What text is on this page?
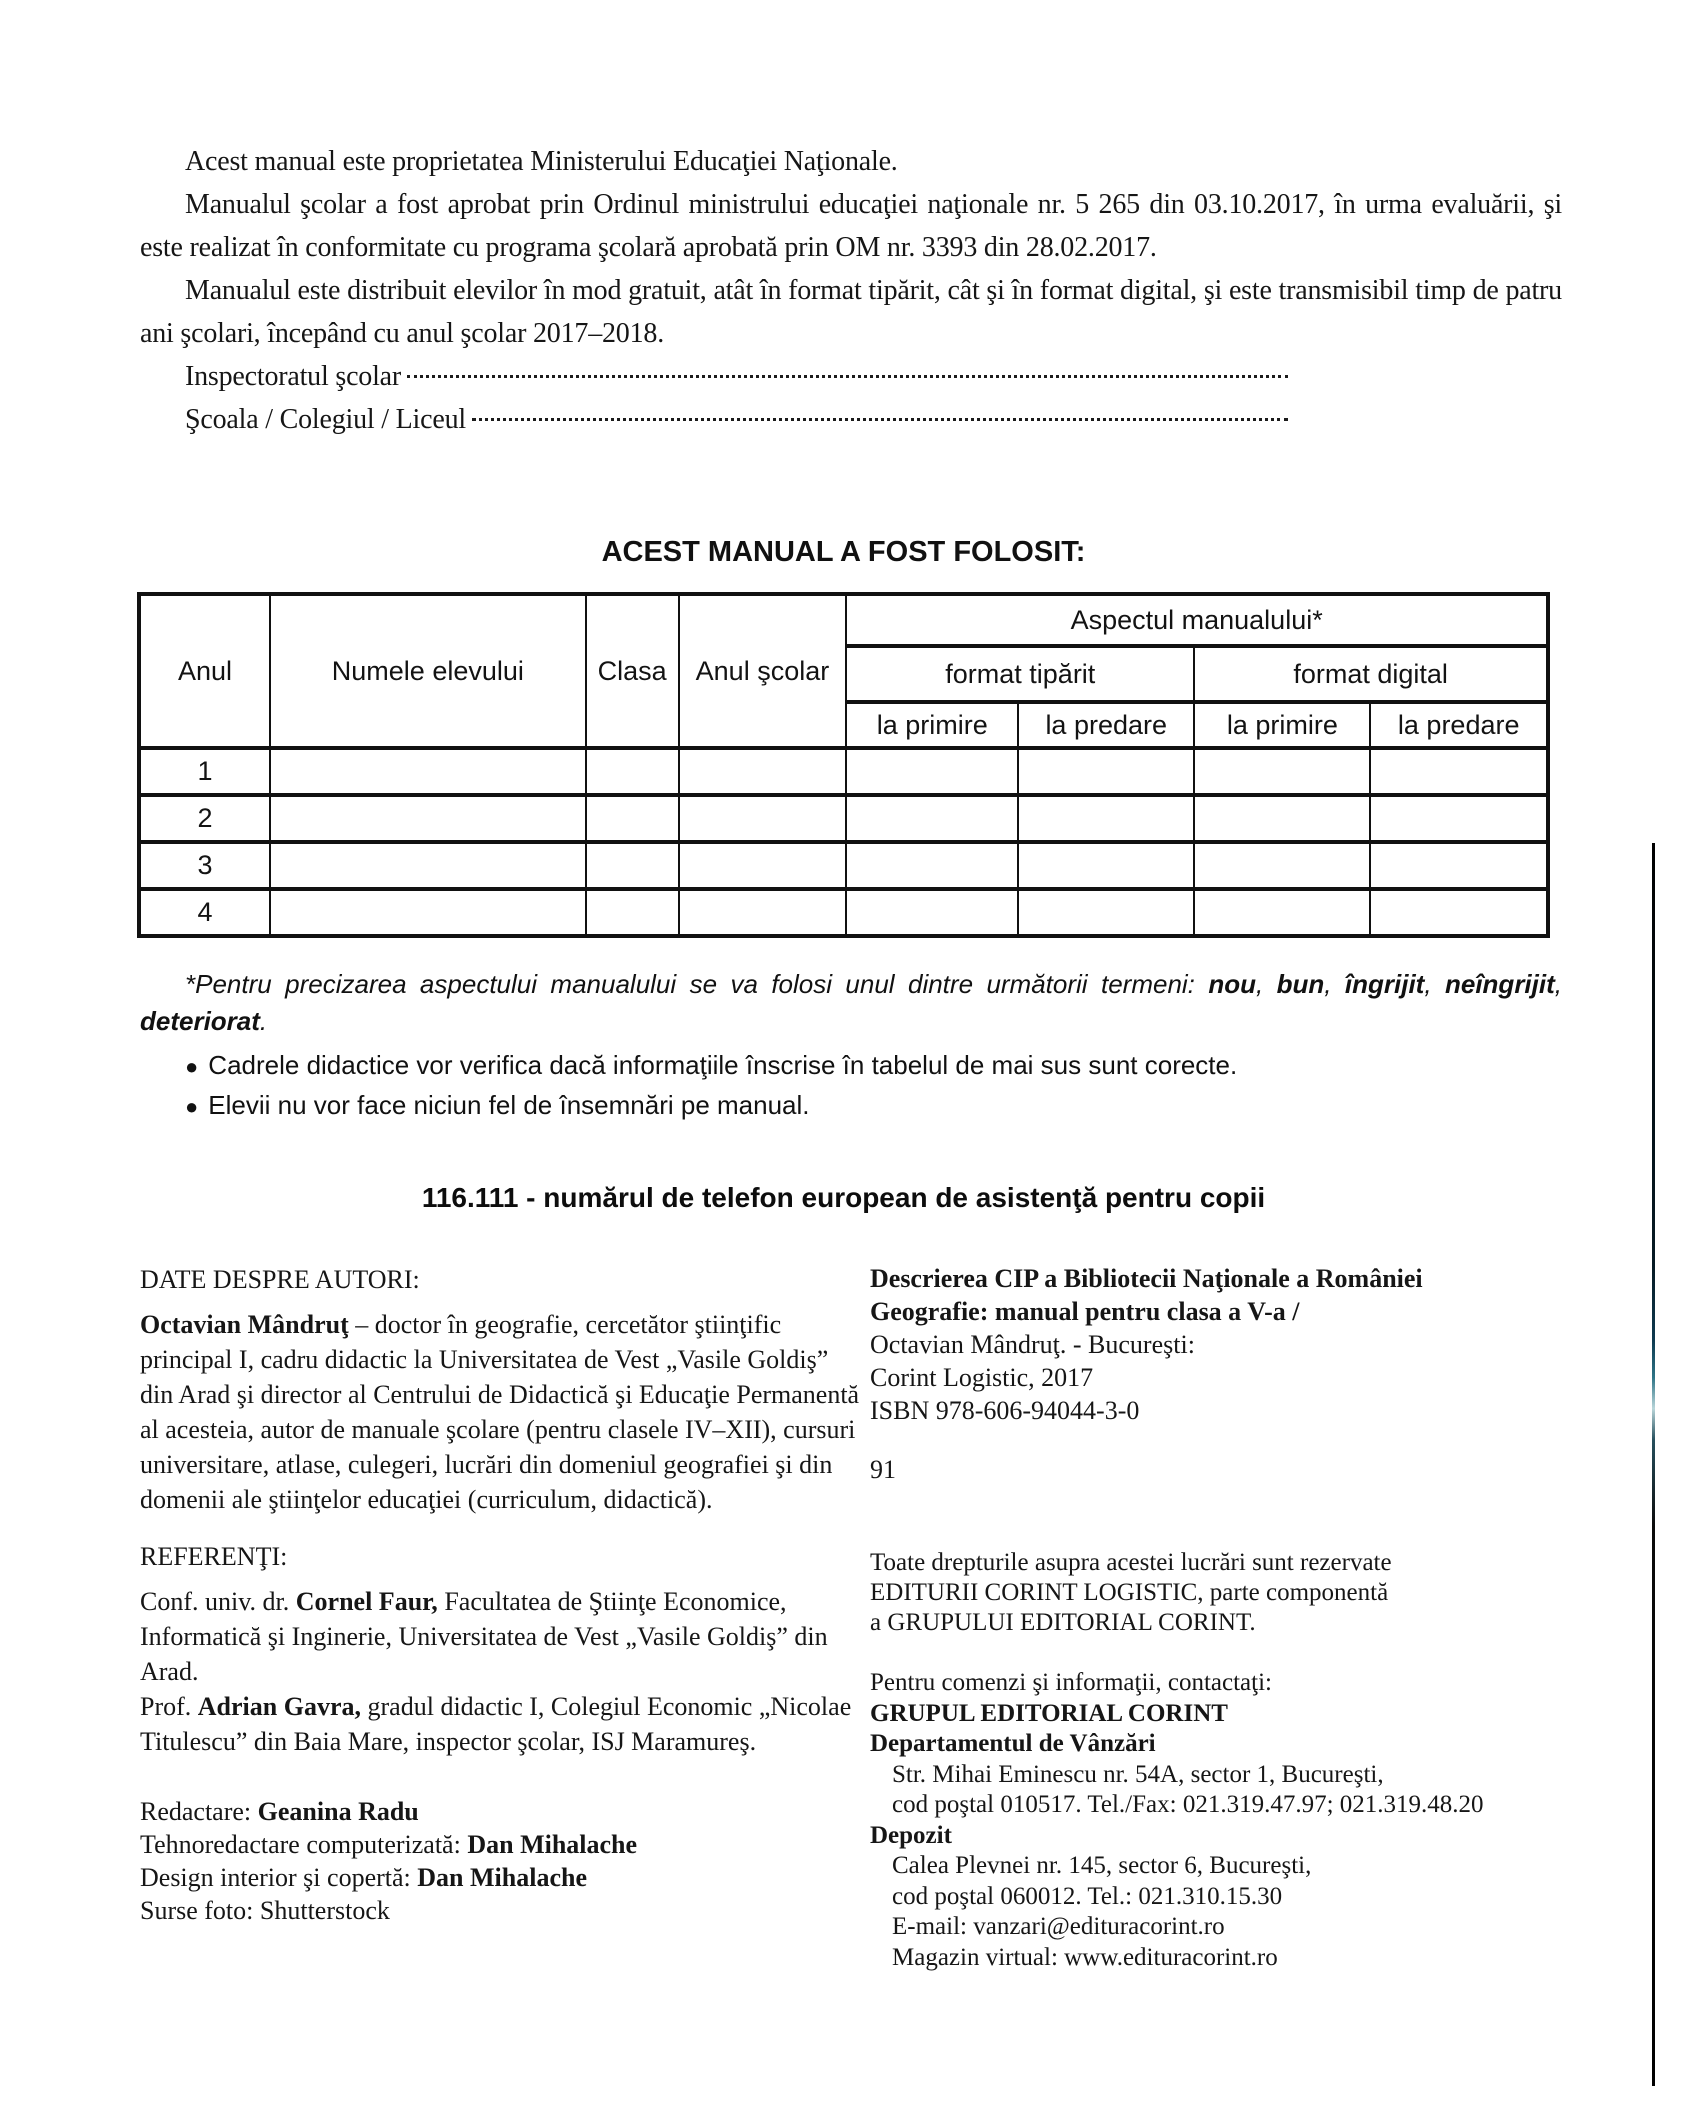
Acest manual este proprietatea Ministerului Educaţiei Naţionale.

Manualul şcolar a fost aprobat prin Ordinul ministrului educaţiei naţionale nr. 5 265 din 03.10.2017, în urma evaluării, şi este realizat în conformitate cu programa şcolară aprobată prin OM nr. 3393 din 28.02.2017.

Manualul este distribuit elevilor în mod gratuit, atât în format tipărit, cât şi în format digital, şi este transmisibil timp de patru ani şcolari, începând cu anul şcolar 2017–2018.

Inspectoratul şcolar
Şcoala / Colegiul / Liceul
ACEST MANUAL A FOST FOLOSIT:
Anul	Numele elevului	Clasa	Anul şcolar	Aspectul manualului*			
				format tipărit		format digital	
				la primire	la predare	la primire	la predare
1							
2							
3							
4							
*Pentru precizarea aspectului manualului se va folosi unul dintre următorii termeni: nou, bun, îngrijit, neîngrijit, deteriorat.
● Cadrele didactice vor verifica dacă informaţiile înscrise în tabelul de mai sus sunt corecte.
● Elevii nu vor face niciun fel de însemnări pe manual.
116.111 - numărul de telefon european de asistenţă pentru copii

DATE DESPRE AUTORI:

Octavian Mândruţ – doctor în geografie, cercetător ştiinţific principal I, cadru didactic la Universitatea de Vest „Vasile Goldiş” din Arad şi director al Centrului de Didactică şi Educaţie Permanentă al acesteia, autor de manuale şcolare (pentru clasele IV–XII), cursuri universitare, atlase, culegeri, lucrări din domeniul geografiei şi din domenii ale ştiinţelor educaţiei (curriculum, didactică).

REFERENŢI:

Conf. univ. dr. Cornel Faur, Facultatea de Ştiinţe Economice, Informatică şi Inginerie, Universitatea de Vest „Vasile Goldiş” din Arad.

Prof. Adrian Gavra, gradul didactic I, Colegiul Economic „Nicolae Titulescu” din Baia Mare, inspector şcolar, ISJ Maramureş.

Redactare: Geanina Radu

Tehnoredactare computerizată: Dan Mihalache

Design interior şi copertă: Dan Mihalache

Surse foto: Shutterstock

Descrierea CIP a Bibliotecii Naţionale a României
Geografie: manual pentru clasa a V-a /
Octavian Mândruţ. - Bucureşti:
Corint Logistic, 2017
ISBN 978-606-94044-3-0
91
Toate drepturile asupra acestei lucrări sunt rezervate
EDITURII CORINT LOGISTIC, parte componentă
a GRUPULUI EDITORIAL CORINT.
Pentru comenzi şi informaţii, contactaţi:
GRUPUL EDITORIAL CORINT
Departamentul de Vânzări
Str. Mihai Eminescu nr. 54A, sector 1, Bucureşti,
cod poştal 010517. Tel./Fax: 021.319.47.97; 021.319.48.20
Depozit
Calea Plevnei nr. 145, sector 6, Bucureşti,
cod poştal 060012. Tel.: 021.310.15.30
E-mail: vanzari@edituracorint.ro
Magazin virtual: www.edituracorint.ro
